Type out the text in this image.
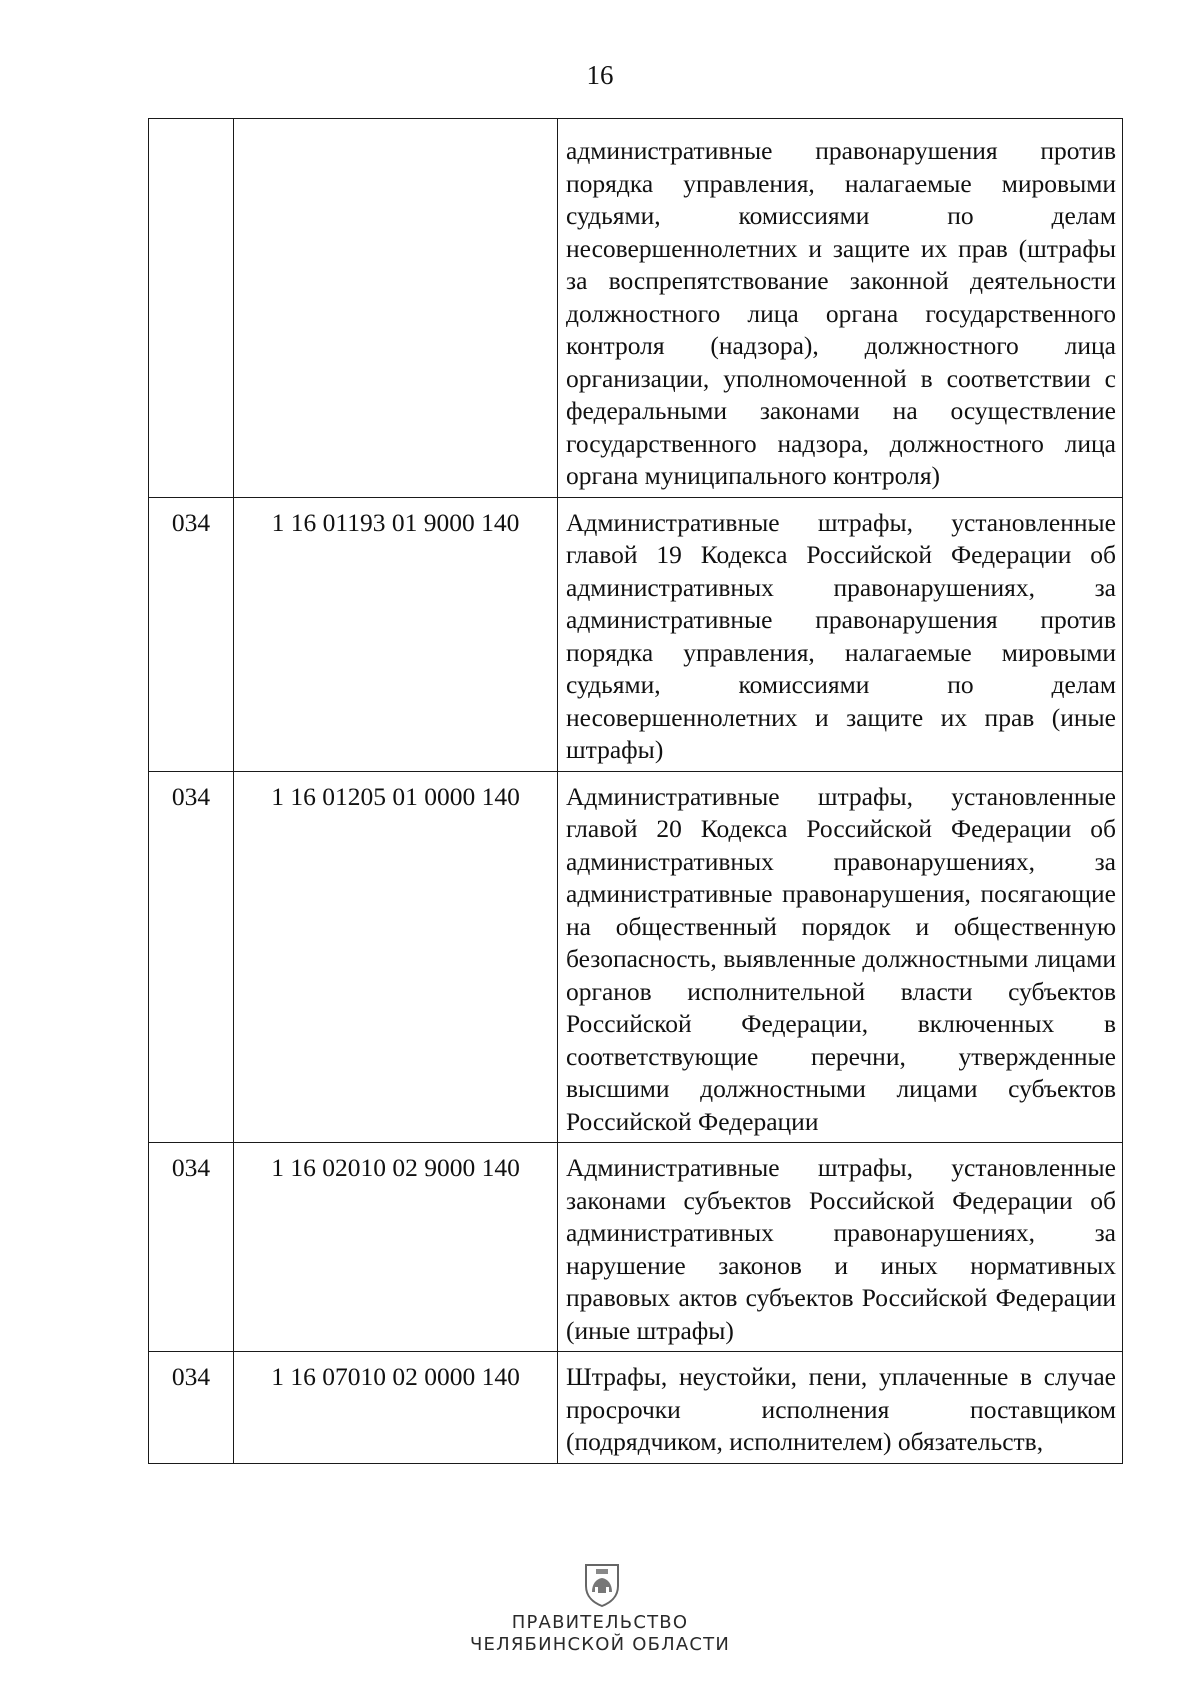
16
		административные правонарушения против порядка управления, налагаемые мировыми судьями, комиссиями по делам несовершеннолетних и защите их прав (штрафы за воспрепятствование законной деятельности должностного лица органа государственного контроля (надзора), должностного лица организации, уполномоченной в соответствии с федеральными законами на осуществление государственного надзора, должностного лица органа муниципального контроля)
034	1 16 01193 01 9000 140	Административные штрафы, установленные главой 19 Кодекса Российской Федерации об административных правонарушениях, за административные правонарушения против порядка управления, налагаемые мировыми судьями, комиссиями по делам несовершеннолетних и защите их прав (иные штрафы)
034	1 16 01205 01 0000 140	Административные штрафы, установленные главой 20 Кодекса Российской Федерации об административных правонарушениях, за административные правонарушения, посягающие на общественный порядок и общественную безопасность, выявленные должностными лицами органов исполнительной власти субъектов Российской Федерации, включенных в соответствующие перечни, утвержденные высшими должностными лицами субъектов Российской Федерации
034	1 16 02010 02 9000 140	Административные штрафы, установленные законами субъектов Российской Федерации об административных правонарушениях, за нарушение законов и иных нормативных правовых актов субъектов Российской Федерации (иные штрафы)
034	1 16 07010 02 0000 140	Штрафы, неустойки, пени, уплаченные в случае просрочки исполнения поставщиком (подрядчиком, исполнителем) обязательств,
ПРАВИТЕЛЬСТВО
ЧЕЛЯБИНСКОЙ ОБЛАСТИ
